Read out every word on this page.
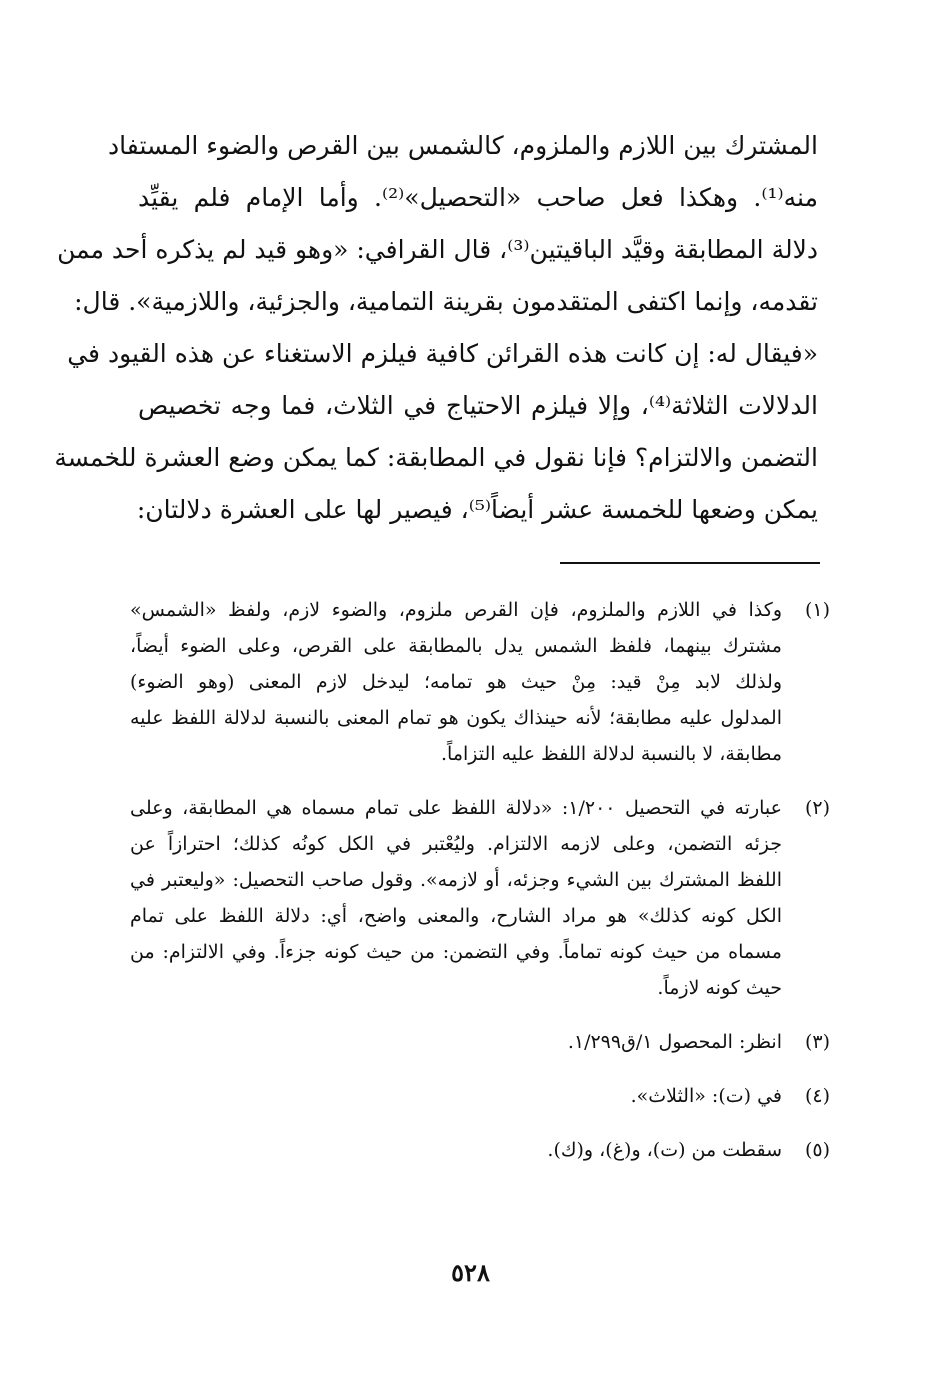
المشترك بين اللازم والملزوم، كالشمس بين القرص والضوء المستفاد
منه⁽¹⁾. وهكذا فعل صاحب «التحصيل»⁽²⁾. وأما الإمام فلم يقيِّد
دلالة المطابقة وقيَّد الباقيتين⁽³⁾، قال القرافي: «وهو قيد لم يذكره أحد ممن
تقدمه، وإنما اكتفى المتقدمون بقرينة التمامية، والجزئية، واللازمية». قال:
«فيقال له: إن كانت هذه القرائن كافية فيلزم الاستغناء عن هذه القيود في
الدلالات الثلاثة⁽⁴⁾، وإلا فيلزم الاحتياج في الثلاث، فما وجه تخصيص
التضمن والالتزام؟ فإنا نقول في المطابقة: كما يمكن وضع العشرة للخمسة
يمكن وضعها للخمسة عشر أيضاً⁽⁵⁾، فيصير لها على العشرة دلالتان:
(١)
وكذا في اللازم والملزوم، فإن القرص ملزوم، والضوء لازم، ولفظ «الشمس»
مشترك بينهما، فلفظ الشمس يدل بالمطابقة على القرص، وعلى الضوء أيضاً،
ولذلك لابد مِنْ قيد: مِنْ حيث هو تمامه؛ ليدخل لازم المعنى (وهو الضوء)
المدلول عليه مطابقة؛ لأنه حينذاك يكون هو تمام المعنى بالنسبة لدلالة اللفظ عليه
مطابقة، لا بالنسبة لدلالة اللفظ عليه التزاماً.
(٢)
عبارته في التحصيل ١/٢٠٠: «دلالة اللفظ على تمام مسماه هي المطابقة، وعلى
جزئه التضمن، وعلى لازمه الالتزام. وليُعْتبر في الكل كونُه كذلك؛ احترازاً عن
اللفظ المشترك بين الشيء وجزئه، أو لازمه». وقول صاحب التحصيل: «وليعتبر في
الكل كونه كذلك» هو مراد الشارح، والمعنى واضح، أي: دلالة اللفظ على تمام
مسماه من حيث كونه تماماً. وفي التضمن: من حيث كونه جزءاً. وفي الالتزام: من
حيث كونه لازماً.
(٣)
انظر: المحصول ١/ق١/٢٩٩.
(٤)
في (ت): «الثلاث».
(٥)
سقطت من (ت)، و(غ)، و(ك).
٥٢٨
